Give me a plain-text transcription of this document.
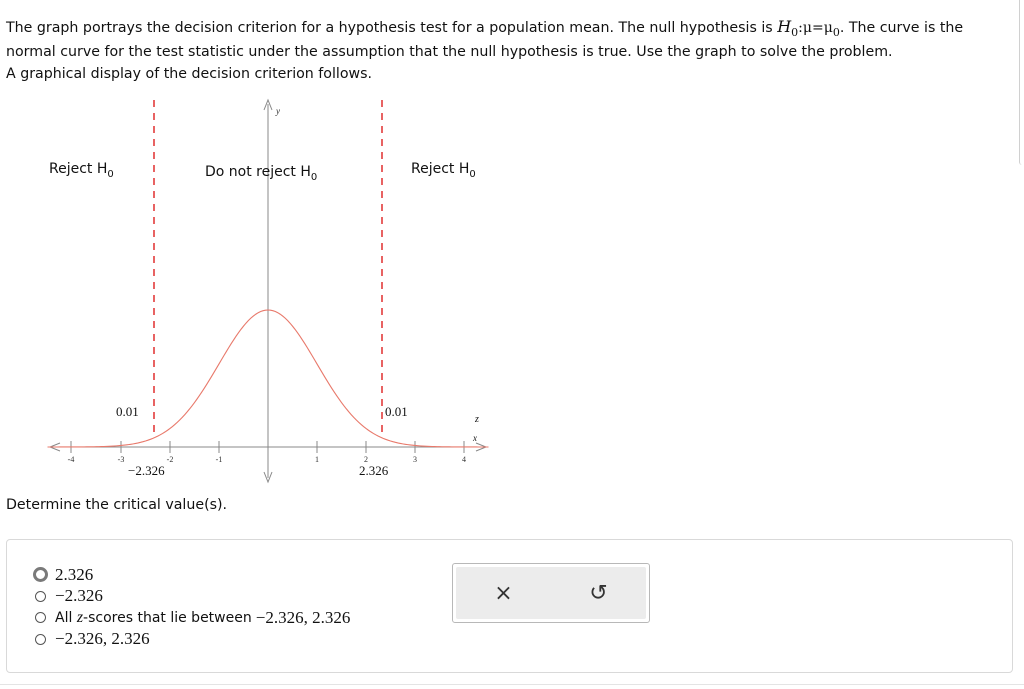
The graph portrays the decision criterion for a hypothesis test for a population mean. The null hypothesis is $H_0:\mu=\mu_0$. The curve is the normal curve for the test statistic under the assumption that the null hypothesis is true. Use the graph to solve the problem.
A graphical display of the decision criterion follows.
y
-4	-3	-2	-1	1	2	3	4
Reject $H_0$	Do not reject $H_0$
Reject $H_0$
0.01	0.01
−2.326	2.326
z
x
Determine the critical value(s).
2.326
−2.326
All z-scores that lie between −2.326, 2.326
−2.326, 2.326
×	↺
